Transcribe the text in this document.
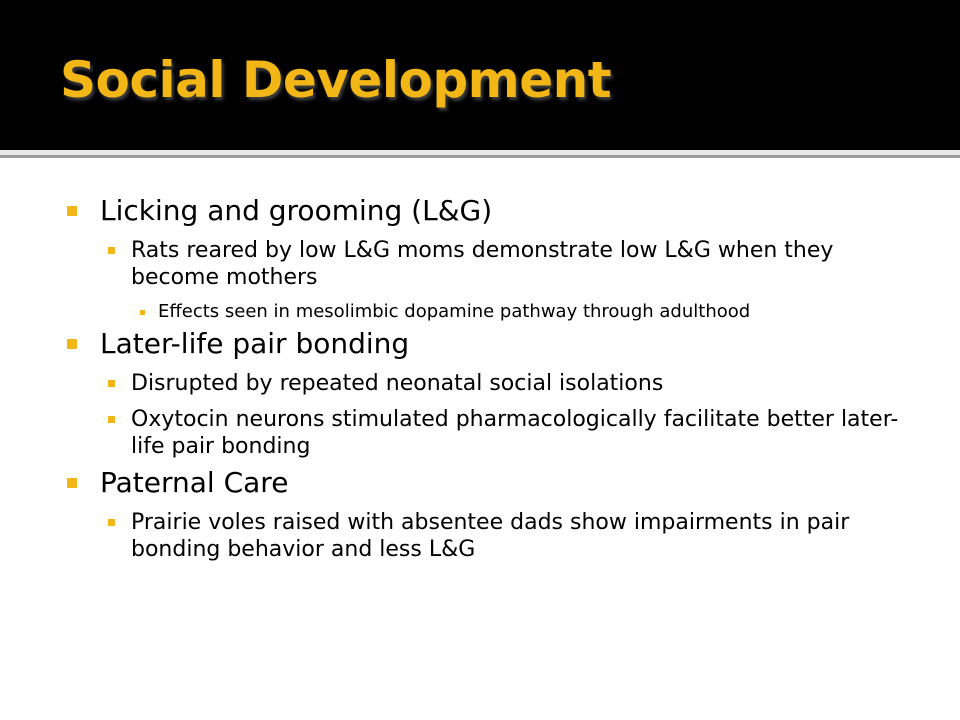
Social Development
Licking and grooming (L&G)
Rats reared by low L&G moms demonstrate low L&G when they become mothers
Effects seen in mesolimbic dopamine pathway through adulthood
Later-life pair bonding
Disrupted by repeated neonatal social isolations
Oxytocin neurons stimulated pharmacologically facilitate better later-life pair bonding
Paternal Care
Prairie voles raised with absentee dads show impairments in pair bonding behavior and less L&G
